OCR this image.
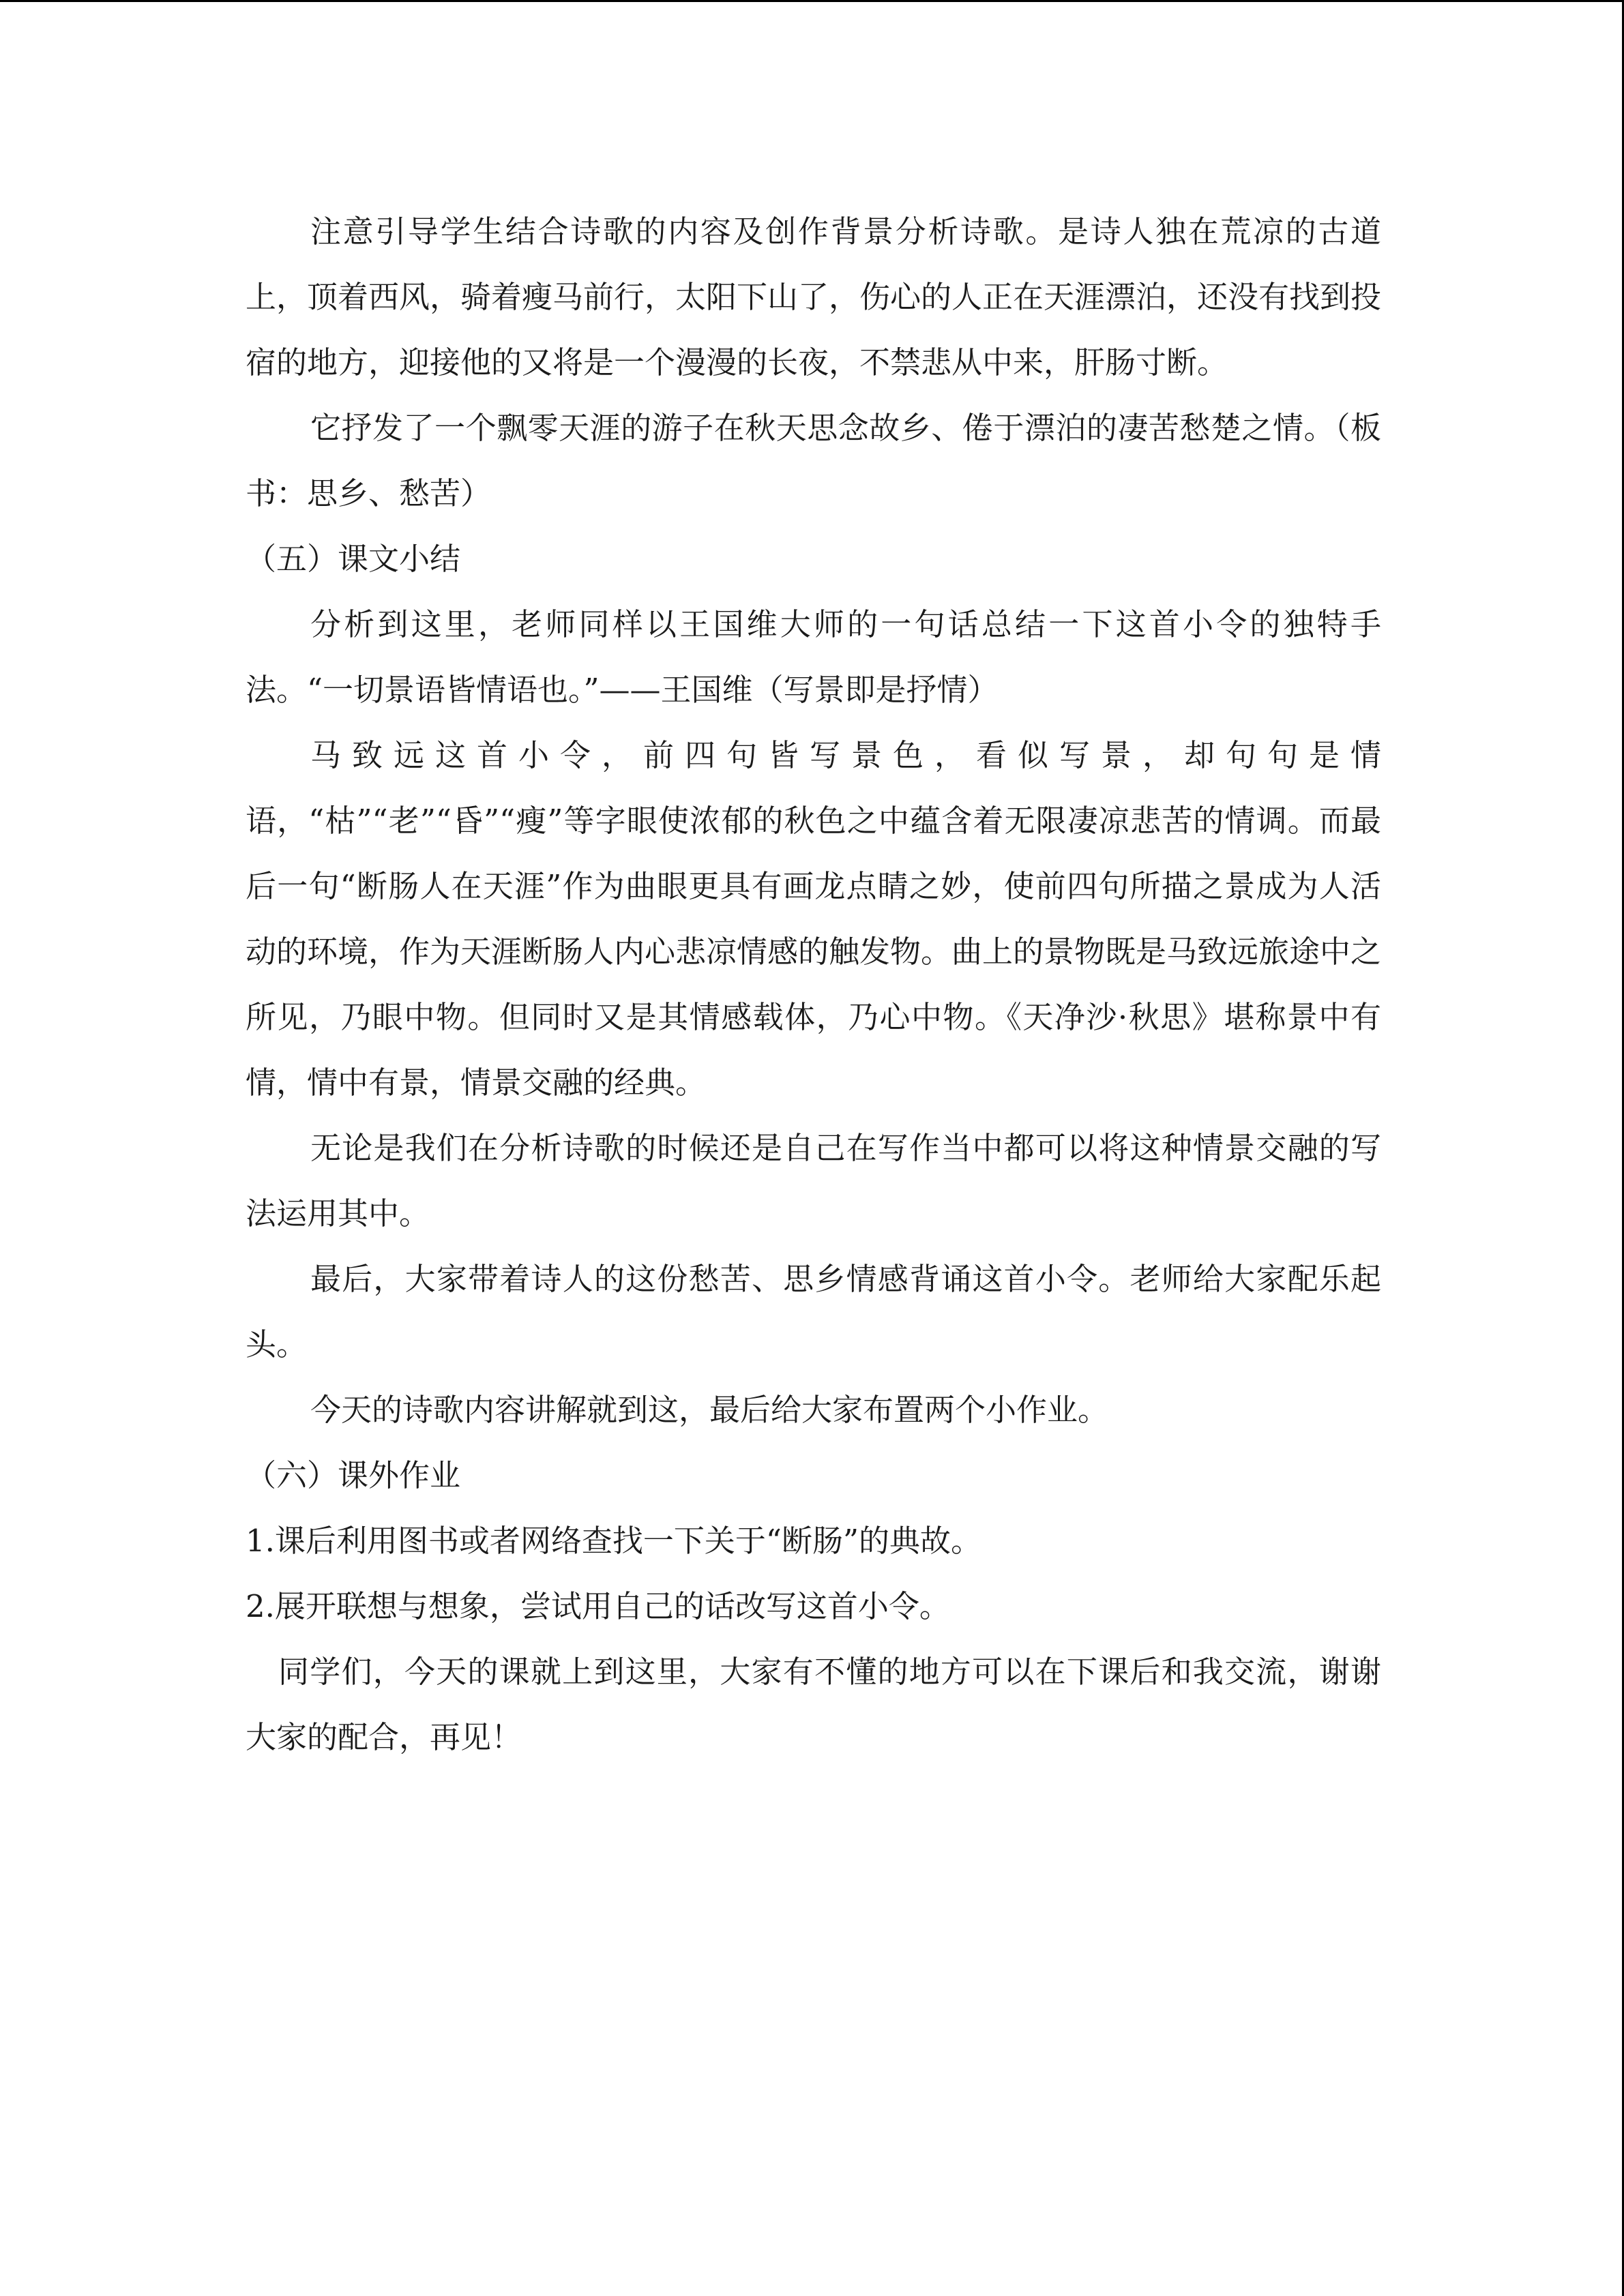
注意引导学生结合诗歌的内容及创作背景分析诗歌。是诗人独在荒凉的古道上，顶着西风，骑着瘦马前行，太阳下山了，伤心的人正在天涯漂泊，还没有找到投宿的地方，迎接他的又将是一个漫漫的长夜，不禁悲从中来，肝肠寸断。

它抒发了一个飘零天涯的游子在秋天思念故乡、倦于漂泊的凄苦愁楚之情。（板书：思乡、愁苦）

（五）课文小结

分析到这里，老师同样以王国维大师的一句话总结一下这首小令的独特手法。“一切景语皆情语也。”——王国维（写景即是抒情）

马致远这首小令，前四句皆写景色，看似写景，却句句是情语，“枯”“老”“昏”“瘦”等字眼使浓郁的秋色之中蕴含着无限凄凉悲苦的情调。而最后一句“断肠人在天涯”作为曲眼更具有画龙点睛之妙，使前四句所描之景成为人活动的环境，作为天涯断肠人内心悲凉情感的触发物。曲上的景物既是马致远旅途中之所见，乃眼中物。但同时又是其情感载体，乃心中物。《天净沙·秋思》堪称景中有情，情中有景，情景交融的经典。

无论是我们在分析诗歌的时候还是自己在写作当中都可以将这种情景交融的写法运用其中。

最后，大家带着诗人的这份愁苦、思乡情感背诵这首小令。老师给大家配乐起头。

今天的诗歌内容讲解就到这，最后给大家布置两个小作业。

（六）课外作业

1.课后利用图书或者网络查找一下关于“断肠”的典故。

2.展开联想与想象，尝试用自己的话改写这首小令。

同学们，今天的课就上到这里，大家有不懂的地方可以在下课后和我交流，谢谢大家的配合，再见！
